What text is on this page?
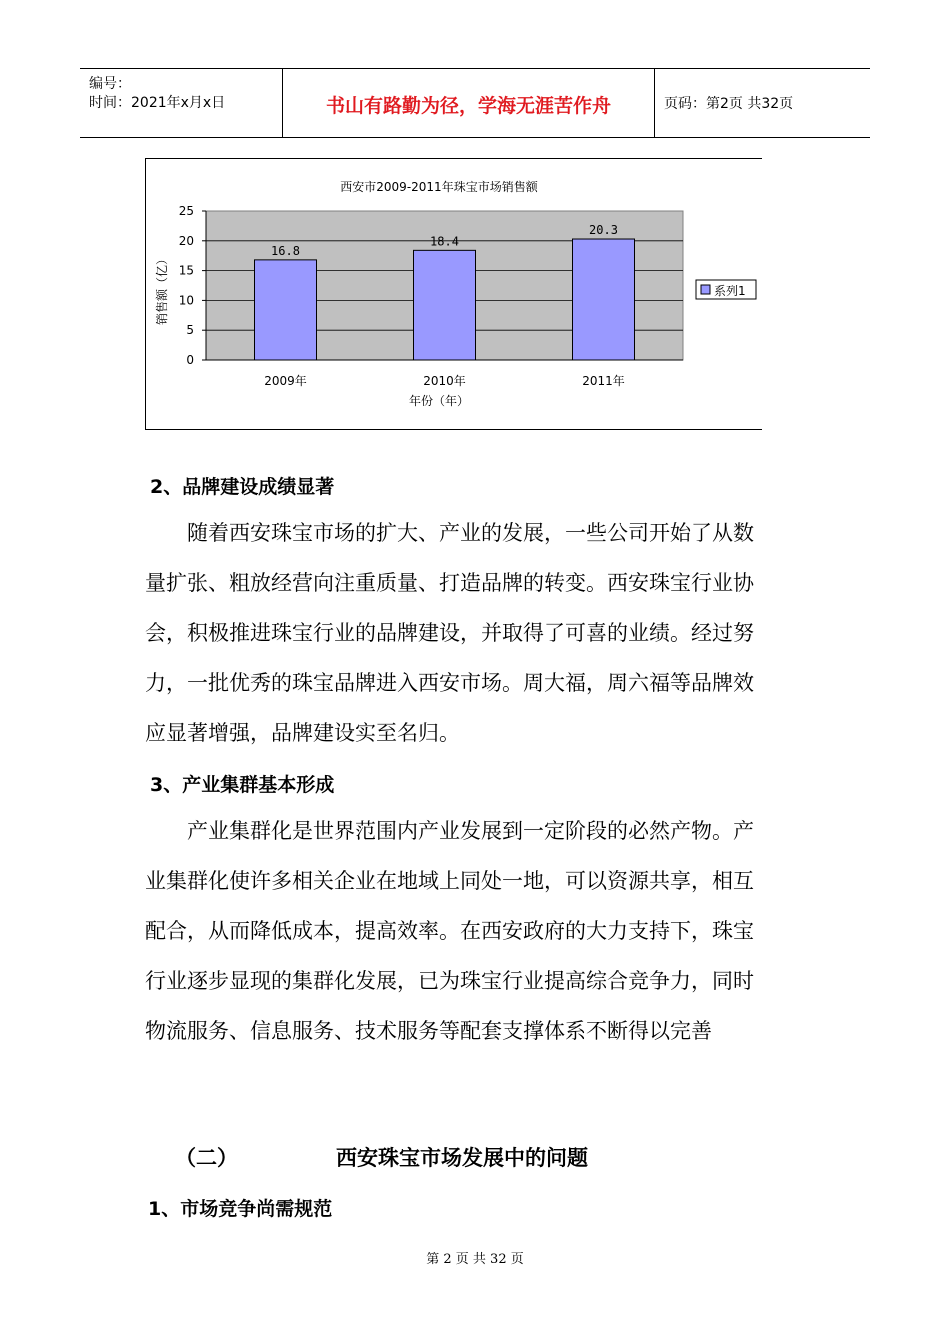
编号：
时间：2021年x月x日	书山有路勤为径，学海无涯苦作舟	页码：第2页 共32页
西安市2009-2011年珠宝市场销售额
0
5
10
15
20
25
16.8
2009年
18.4
2010年
20.3
2011年
系列1
年份（年）
销售额（亿）
2、品牌建设成绩显著
随着西安珠宝市场的扩大、产业的发展，一些公司开始了从数
量扩张、粗放经营向注重质量、打造品牌的转变。西安珠宝行业协
会，积极推进珠宝行业的品牌建设，并取得了可喜的业绩。经过努
力，一批优秀的珠宝品牌进入西安市场。周大福，周六福等品牌效
应显著增强，品牌建设实至名归。
3、产业集群基本形成
产业集群化是世界范围内产业发展到一定阶段的必然产物。产
业集群化使许多相关企业在地域上同处一地，可以资源共享，相互
配合，从而降低成本，提高效率。在西安政府的大力支持下，珠宝
行业逐步显现的集群化发展，已为珠宝行业提高综合竞争力，同时
物流服务、信息服务、技术服务等配套支撑体系不断得以完善
（二）	西安珠宝市场发展中的问题
1、市场竞争尚需规范
第 2 页 共 32 页
